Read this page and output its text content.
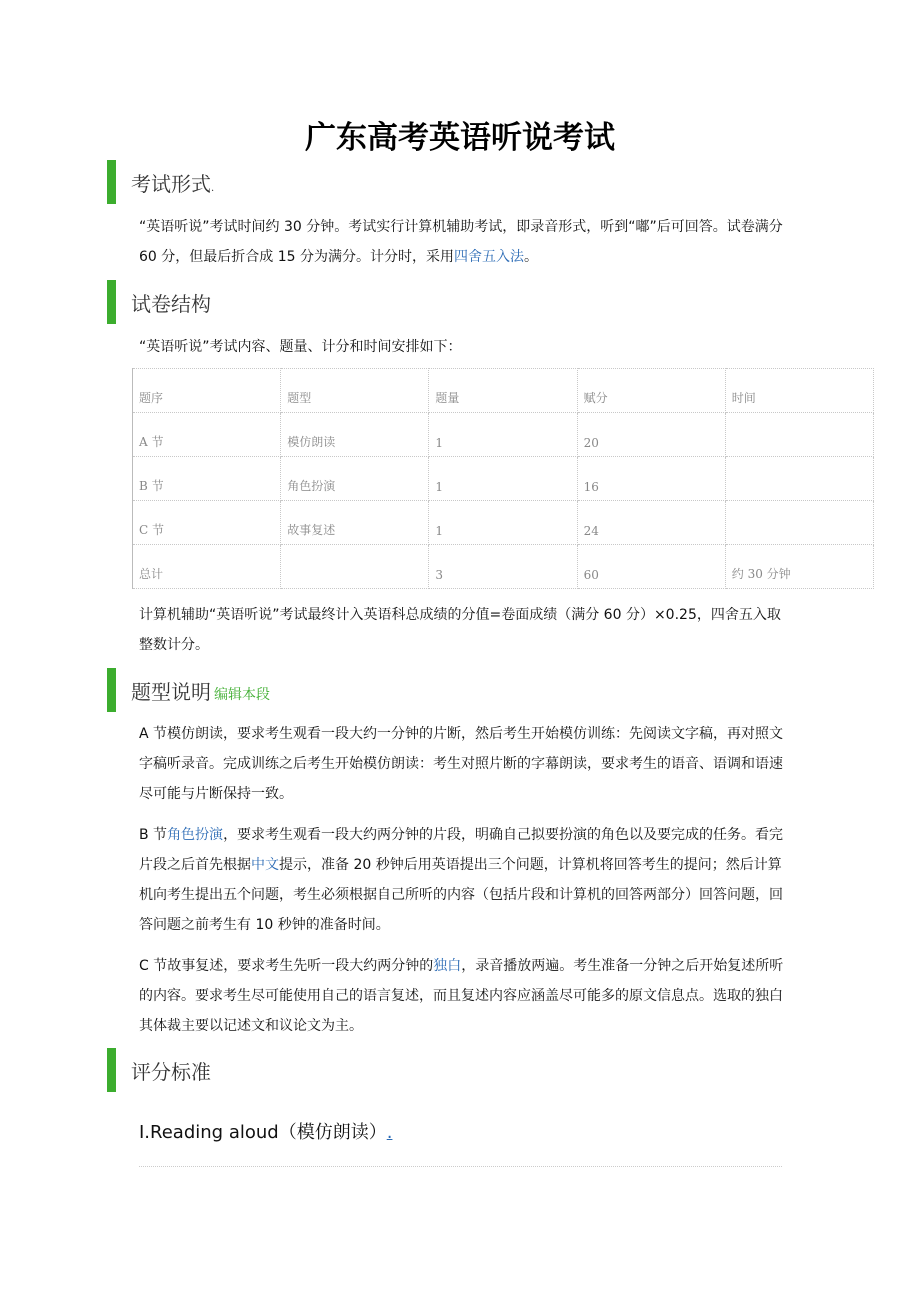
广东高考英语听说考试
考试形式.
“英语听说”考试时间约 30 分钟。考试实行计算机辅助考试，即录音形式，听到“嘟”后可回答。试卷满分 60 分，但最后折合成 15 分为满分。计分时，采用四舍五入法。
试卷结构
“英语听说”考试内容、题量、计分和时间安排如下：
题序	题型	题量	赋分	时间
A 节	模仿朗读	1	20	
B 节	角色扮演	1	16	
C 节	故事复述	1	24	
总计		3	60	约 30 分钟
计算机辅助“英语听说”考试最终计入英语科总成绩的分值=卷面成绩（满分 60 分）×0.25，四舍五入取整数计分。
题型说明 编辑本段
A 节模仿朗读，要求考生观看一段大约一分钟的片断，然后考生开始模仿训练：先阅读文字稿，再对照文字稿听录音。完成训练之后考生开始模仿朗读：考生对照片断的字幕朗读，要求考生的语音、语调和语速尽可能与片断保持一致。
B 节角色扮演，要求考生观看一段大约两分钟的片段，明确自己拟要扮演的角色以及要完成的任务。看完片段之后首先根据中文提示，准备 20 秒钟后用英语提出三个问题，计算机将回答考生的提问；然后计算机向考生提出五个问题，考生必须根据自己所听的内容（包括片段和计算机的回答两部分）回答问题，回答问题之前考生有 10 秒钟的准备时间。
C 节故事复述，要求考生先听一段大约两分钟的独白，录音播放两遍。考生准备一分钟之后开始复述所听的内容。要求考生尽可能使用自己的语言复述，而且复述内容应涵盖尽可能多的原文信息点。选取的独白其体裁主要以记述文和议论文为主。
评分标准
I.Reading aloud（模仿朗读）.
